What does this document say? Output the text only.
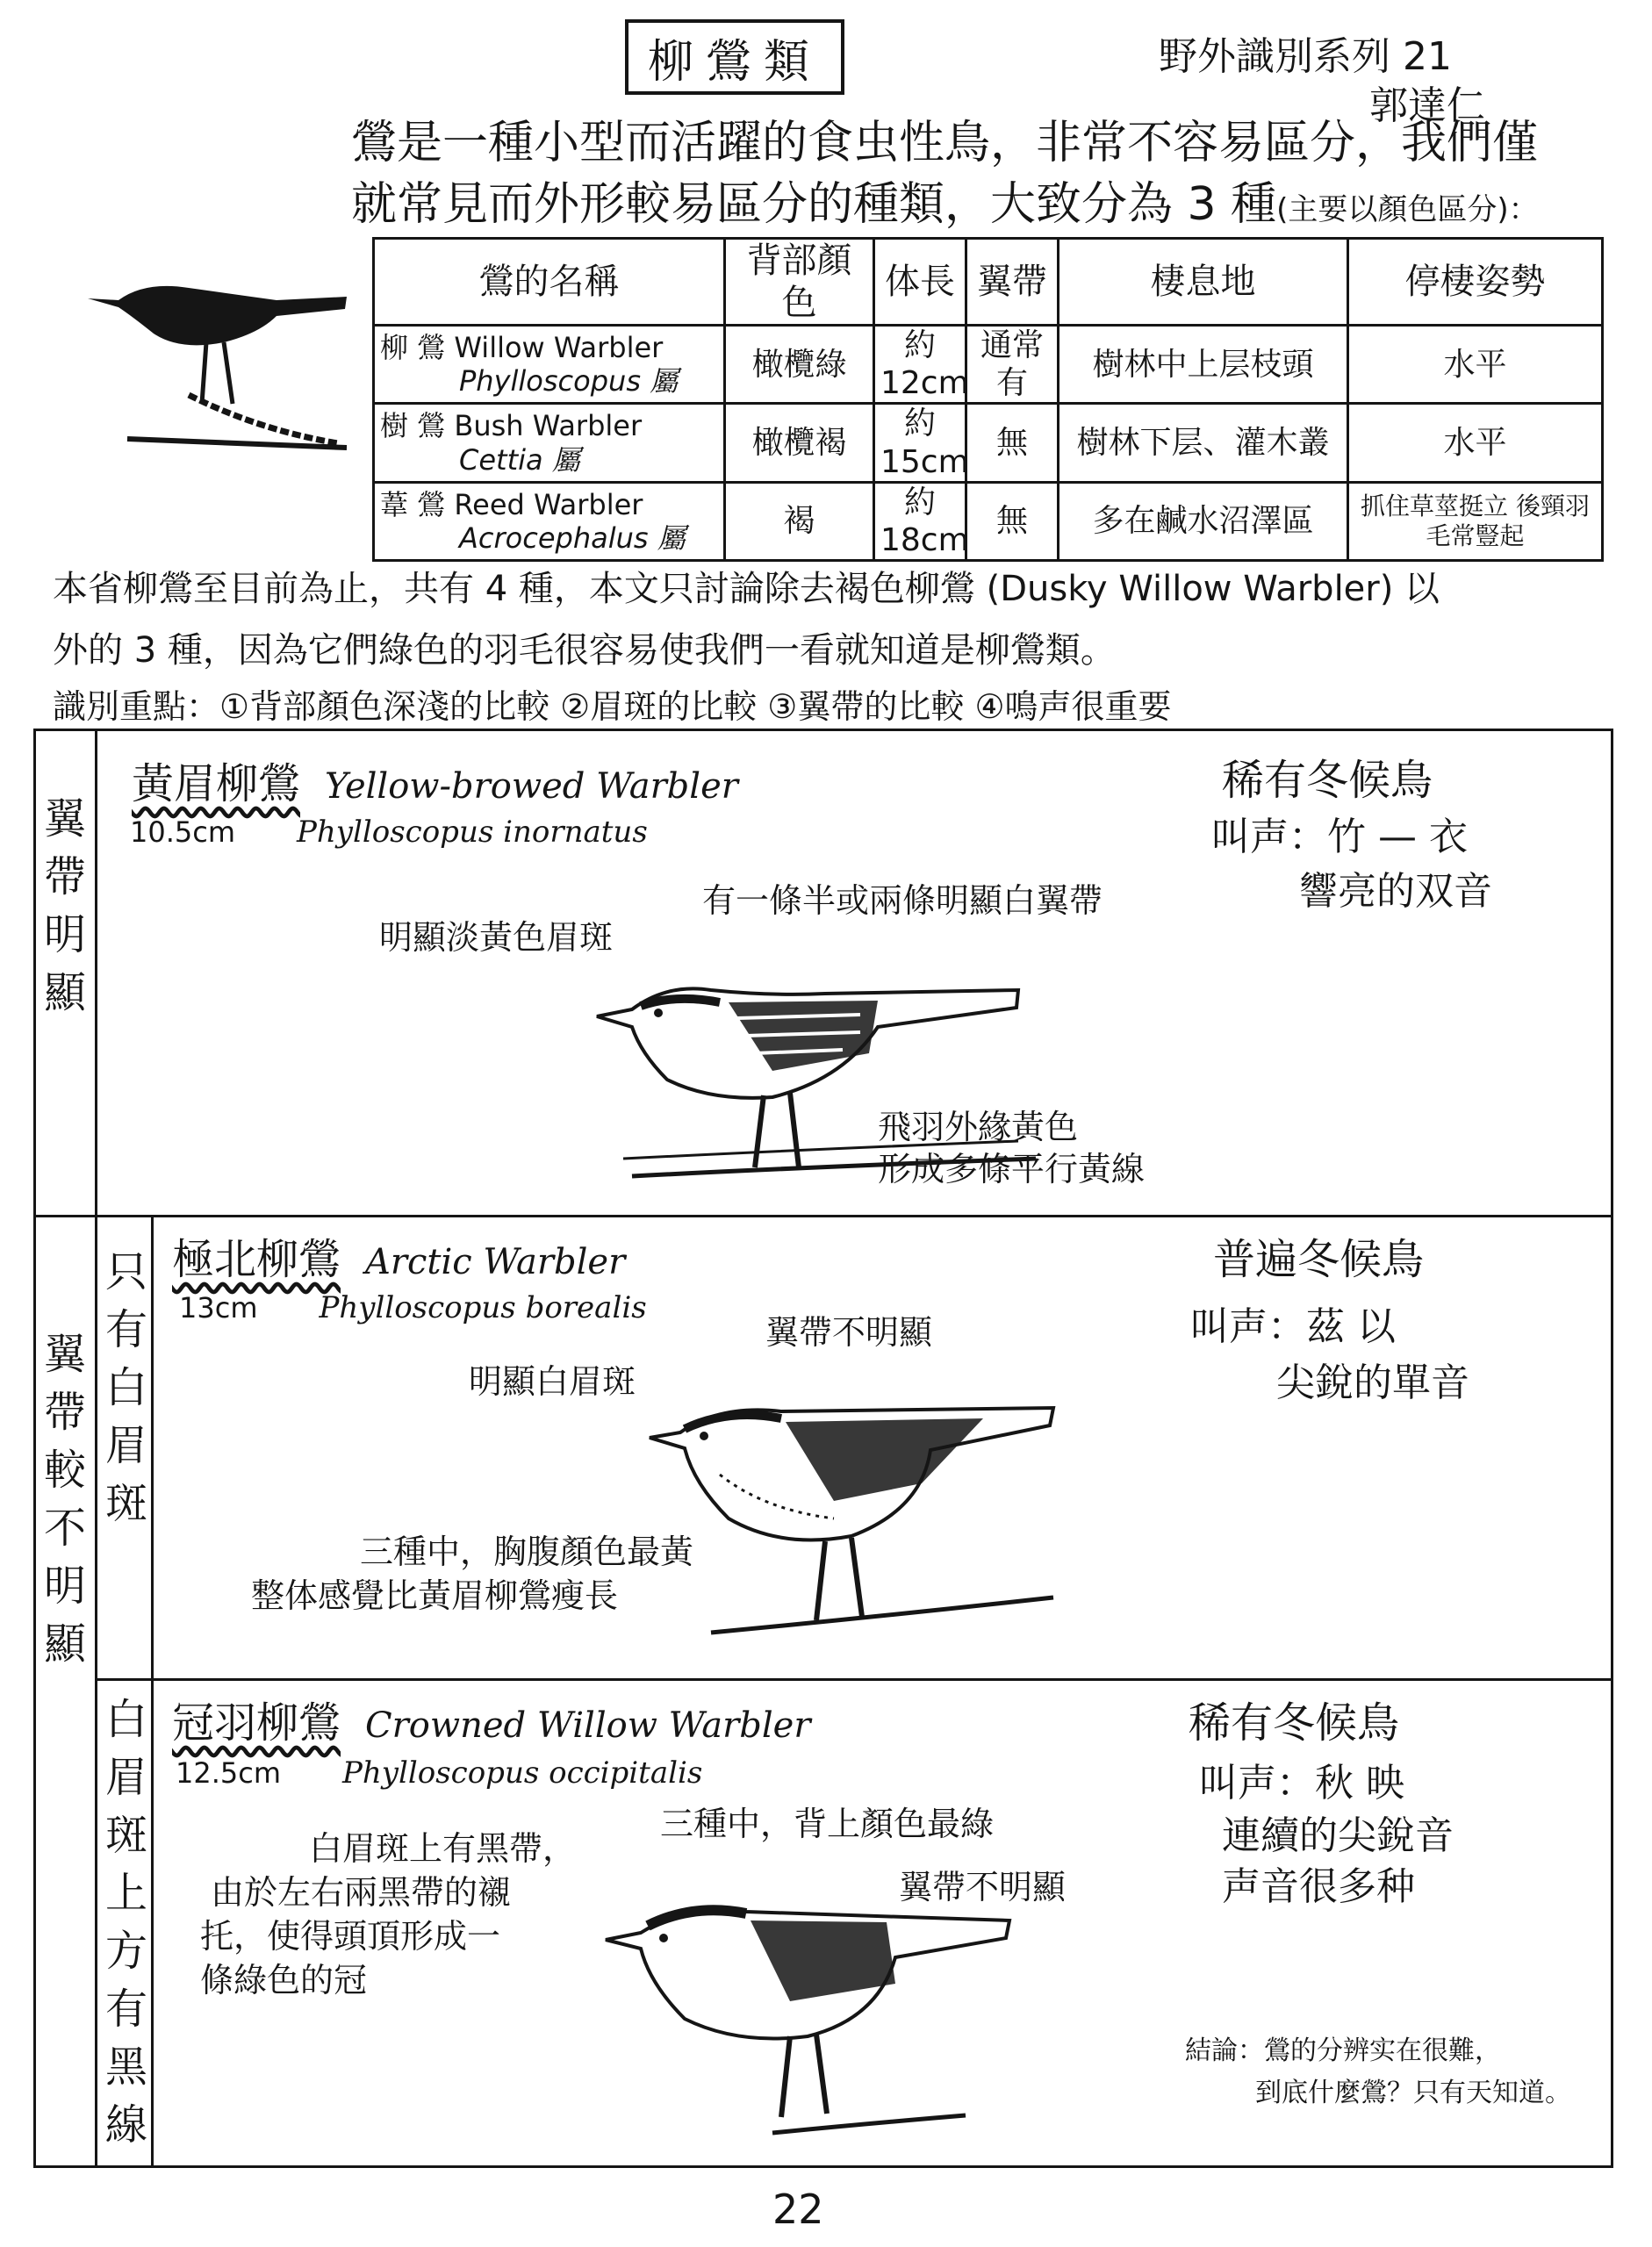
柳鶯類	野外識別系列 21
郭達仁
鶯是一種小型而活躍的食虫性鳥，非常不容易區分，我們僅
就常見而外形較易區分的種類，大致分為 3 種(主要以顏色區分)：
鶯的名稱	背部顏色	体長	翼帶	棲息地	停棲姿勢
柳 鶯 Willow Warbler
Phylloscopus 屬	橄欖綠	約 12cm	通常有	樹林中上层枝頭	水平
樹 鶯 Bush Warbler
Cettia 屬	橄欖褐	約 15cm	無	樹林下层、灌木叢	水平
葦 鶯 Reed Warbler
Acrocephalus 屬	褐	約 18cm	無	多在鹹水沼澤區	抓住草莖挺立 後頸羽毛常豎起
本省柳鶯至目前為止，共有 4 種，本文只討論除去褐色柳鶯 (Dusky Willow Warbler) 以
外的 3 種，因為它們綠色的羽毛很容易使我們一看就知道是柳鶯類。
識別重點：①背部顏色深淺的比較 ②眉斑的比較 ③翼帶的比較 ④鳴声很重要
翼帶明顯
翼帶較不明顯
只有白眉斑
白眉斑上方有黑線
黃眉柳鶯 Yellow-browed Warbler
10.5cm Phylloscopus inornatus
稀有冬候鳥
叫声：竹 — 衣
響亮的双音
明顯淡黃色眉斑
有一條半或兩條明顯白翼帶
飛羽外緣黃色
形成多條平行黃線
極北柳鶯 Arctic Warbler
13cm Phylloscopus borealis
普遍冬候鳥
叫声：茲 以
尖銳的單音
明顯白眉斑
翼帶不明顯
三種中，胸腹顏色最黃
整体感覺比黃眉柳鶯瘦長
冠羽柳鶯 Crowned Willow Warbler
12.5cm Phylloscopus occipitalis
稀有冬候鳥
叫声：秋 映
連續的尖銳音
声音很多种
白眉斑上有黑帶，
由於左右兩黑帶的襯
托，使得頭頂形成一
條綠色的冠
三種中，背上顏色最綠
翼帶不明顯
結論：鶯的分辨实在很難，
到底什麼鶯？只有天知道。
22
